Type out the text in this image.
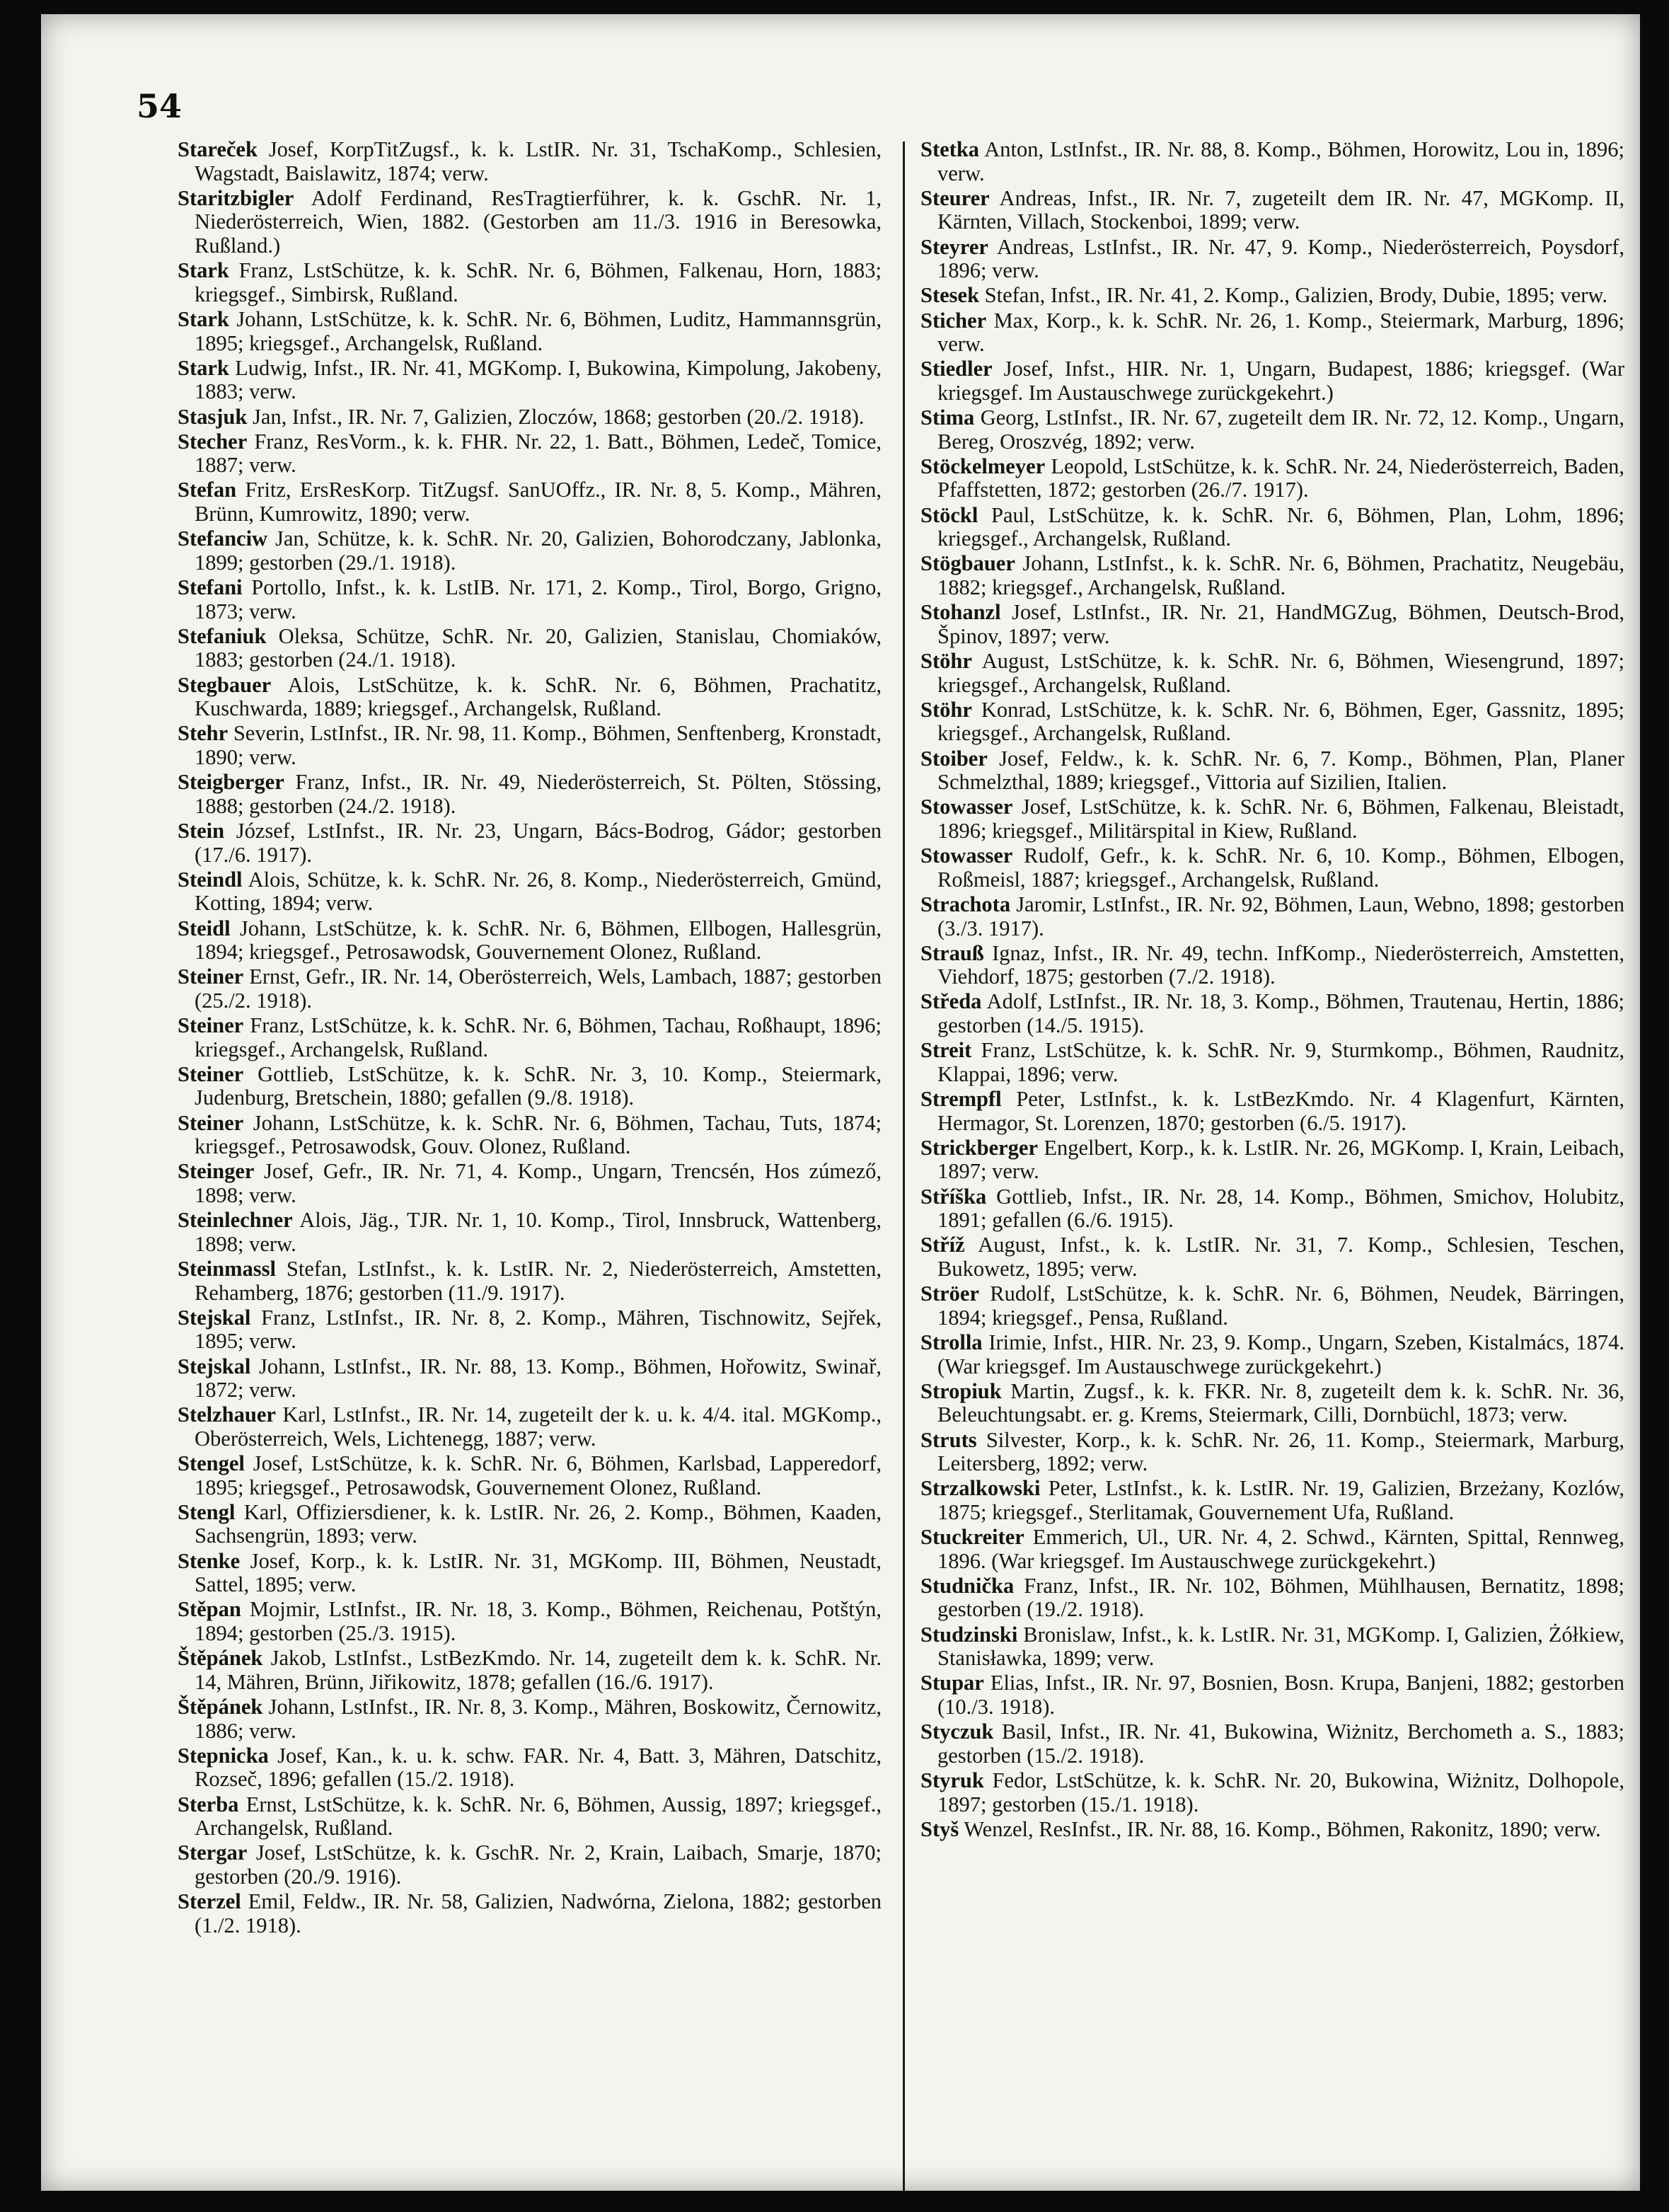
54

Stareček Josef, KorpTitZugsf., k. k. LstIR. Nr. 31, TschaKomp., Schlesien, Wagstadt, Baislawitz, 1874; verw.

Staritzbigler Adolf Ferdinand, ResTragtierführer, k. k. GschR. Nr. 1, Niederösterreich, Wien, 1882. (Gestorben am 11./3. 1916 in Beresowka, Rußland.)

Stark Franz, LstSchütze, k. k. SchR. Nr. 6, Böhmen, Falkenau, Horn, 1883; kriegsgef., Simbirsk, Rußland.

Stark Johann, LstSchütze, k. k. SchR. Nr. 6, Böhmen, Luditz, Hammannsgrün, 1895; kriegsgef., Archangelsk, Rußland.

Stark Ludwig, Infst., IR. Nr. 41, MGKomp. I, Bukowina, Kimpolung, Jakobeny, 1883; verw.

Stasjuk Jan, Infst., IR. Nr. 7, Galizien, Zloczów, 1868; gestorben (20./2. 1918).

Stecher Franz, ResVorm., k. k. FHR. Nr. 22, 1. Batt., Böhmen, Ledeč, Tomice, 1887; verw.

Stefan Fritz, ErsResKorp. TitZugsf. SanUOffz., IR. Nr. 8, 5. Komp., Mähren, Brünn, Kumrowitz, 1890; verw.

Stefanciw Jan, Schütze, k. k. SchR. Nr. 20, Galizien, Bohorodczany, Jablonka, 1899; gestorben (29./1. 1918).

Stefani Portollo, Infst., k. k. LstIB. Nr. 171, 2. Komp., Tirol, Borgo, Grigno, 1873; verw.

Stefaniuk Oleksa, Schütze, SchR. Nr. 20, Galizien, Stanislau, Chomiaków, 1883; gestorben (24./1. 1918).

Stegbauer Alois, LstSchütze, k. k. SchR. Nr. 6, Böhmen, Prachatitz, Kuschwarda, 1889; kriegsgef., Archangelsk, Rußland.

Stehr Severin, LstInfst., IR. Nr. 98, 11. Komp., Böhmen, Senftenberg, Kronstadt, 1890; verw.

Steigberger Franz, Infst., IR. Nr. 49, Niederösterreich, St. Pölten, Stössing, 1888; gestorben (24./2. 1918).

Stein József, LstInfst., IR. Nr. 23, Ungarn, Bács-Bodrog, Gádor; gestorben (17./6. 1917).

Steindl Alois, Schütze, k. k. SchR. Nr. 26, 8. Komp., Niederösterreich, Gmünd, Kotting, 1894; verw.

Steidl Johann, LstSchütze, k. k. SchR. Nr. 6, Böhmen, Ellbogen, Hallesgrün, 1894; kriegsgef., Petrosawodsk, Gouvernement Olonez, Rußland.

Steiner Ernst, Gefr., IR. Nr. 14, Oberösterreich, Wels, Lambach, 1887; gestorben (25./2. 1918).

Steiner Franz, LstSchütze, k. k. SchR. Nr. 6, Böhmen, Tachau, Roßhaupt, 1896; kriegsgef., Archangelsk, Rußland.

Steiner Gottlieb, LstSchütze, k. k. SchR. Nr. 3, 10. Komp., Steiermark, Judenburg, Bretschein, 1880; gefallen (9./8. 1918).

Steiner Johann, LstSchütze, k. k. SchR. Nr. 6, Böhmen, Tachau, Tuts, 1874; kriegsgef., Petrosawodsk, Gouv. Olonez, Rußland.

Steinger Josef, Gefr., IR. Nr. 71, 4. Komp., Ungarn, Trencsén, Hos zúmező, 1898; verw.

Steinlechner Alois, Jäg., TJR. Nr. 1, 10. Komp., Tirol, Innsbruck, Wattenberg, 1898; verw.

Steinmassl Stefan, LstInfst., k. k. LstIR. Nr. 2, Niederösterreich, Amstetten, Rehamberg, 1876; gestorben (11./9. 1917).

Stejskal Franz, LstInfst., IR. Nr. 8, 2. Komp., Mähren, Tischnowitz, Sejřek, 1895; verw.

Stejskal Johann, LstInfst., IR. Nr. 88, 13. Komp., Böhmen, Hořowitz, Swinař, 1872; verw.

Stelzhauer Karl, LstInfst., IR. Nr. 14, zugeteilt der k. u. k. 4/4. ital. MGKomp., Oberösterreich, Wels, Lichtenegg, 1887; verw.

Stengel Josef, LstSchütze, k. k. SchR. Nr. 6, Böhmen, Karlsbad, Lapperedorf, 1895; kriegsgef., Petrosawodsk, Gouvernement Olonez, Rußland.

Stengl Karl, Offiziersdiener, k. k. LstIR. Nr. 26, 2. Komp., Böhmen, Kaaden, Sachsengrün, 1893; verw.

Stenke Josef, Korp., k. k. LstIR. Nr. 31, MGKomp. III, Böhmen, Neustadt, Sattel, 1895; verw.

Stěpan Mojmir, LstInfst., IR. Nr. 18, 3. Komp., Böhmen, Reichenau, Potštýn, 1894; gestorben (25./3. 1915).

Štěpánek Jakob, LstInfst., LstBezKmdo. Nr. 14, zugeteilt dem k. k. SchR. Nr. 14, Mähren, Brünn, Jiřikowitz, 1878; gefallen (16./6. 1917).

Štěpánek Johann, LstInfst., IR. Nr. 8, 3. Komp., Mähren, Boskowitz, Černowitz, 1886; verw.

Stepnicka Josef, Kan., k. u. k. schw. FAR. Nr. 4, Batt. 3, Mähren, Datschitz, Rozseč, 1896; gefallen (15./2. 1918).

Sterba Ernst, LstSchütze, k. k. SchR. Nr. 6, Böhmen, Aussig, 1897; kriegsgef., Archangelsk, Rußland.

Stergar Josef, LstSchütze, k. k. GschR. Nr. 2, Krain, Laibach, Smarje, 1870; gestorben (20./9. 1916).

Sterzel Emil, Feldw., IR. Nr. 58, Galizien, Nadwórna, Zielona, 1882; gestorben (1./2. 1918).

Stetka Anton, LstInfst., IR. Nr. 88, 8. Komp., Böhmen, Horowitz, Lou in, 1896; verw.

Steurer Andreas, Infst., IR. Nr. 7, zugeteilt dem IR. Nr. 47, MGKomp. II, Kärnten, Villach, Stockenboi, 1899; verw.

Steyrer Andreas, LstInfst., IR. Nr. 47, 9. Komp., Niederösterreich, Poysdorf, 1896; verw.

Stesek Stefan, Infst., IR. Nr. 41, 2. Komp., Galizien, Brody, Dubie, 1895; verw.

Sticher Max, Korp., k. k. SchR. Nr. 26, 1. Komp., Steiermark, Marburg, 1896; verw.

Stiedler Josef, Infst., HIR. Nr. 1, Ungarn, Budapest, 1886; kriegsgef. (War kriegsgef. Im Austauschwege zurückgekehrt.)

Stima Georg, LstInfst., IR. Nr. 67, zugeteilt dem IR. Nr. 72, 12. Komp., Ungarn, Bereg, Oroszvég, 1892; verw.

Stöckelmeyer Leopold, LstSchütze, k. k. SchR. Nr. 24, Niederösterreich, Baden, Pfaffstetten, 1872; gestorben (26./7. 1917).

Stöckl Paul, LstSchütze, k. k. SchR. Nr. 6, Böhmen, Plan, Lohm, 1896; kriegsgef., Archangelsk, Rußland.

Stögbauer Johann, LstInfst., k. k. SchR. Nr. 6, Böhmen, Prachatitz, Neugebäu, 1882; kriegsgef., Archangelsk, Rußland.

Stohanzl Josef, LstInfst., IR. Nr. 21, HandMGZug, Böhmen, Deutsch-Brod, Špinov, 1897; verw.

Stöhr August, LstSchütze, k. k. SchR. Nr. 6, Böhmen, Wiesengrund, 1897; kriegsgef., Archangelsk, Rußland.

Stöhr Konrad, LstSchütze, k. k. SchR. Nr. 6, Böhmen, Eger, Gassnitz, 1895; kriegsgef., Archangelsk, Rußland.

Stoiber Josef, Feldw., k. k. SchR. Nr. 6, 7. Komp., Böhmen, Plan, Planer Schmelzthal, 1889; kriegsgef., Vittoria auf Sizilien, Italien.

Stowasser Josef, LstSchütze, k. k. SchR. Nr. 6, Böhmen, Falkenau, Bleistadt, 1896; kriegsgef., Militärspital in Kiew, Rußland.

Stowasser Rudolf, Gefr., k. k. SchR. Nr. 6, 10. Komp., Böhmen, Elbogen, Roßmeisl, 1887; kriegsgef., Archangelsk, Rußland.

Strachota Jaromir, LstInfst., IR. Nr. 92, Böhmen, Laun, Webno, 1898; gestorben (3./3. 1917).

Strauß Ignaz, Infst., IR. Nr. 49, techn. InfKomp., Niederösterreich, Amstetten, Viehdorf, 1875; gestorben (7./2. 1918).

Středa Adolf, LstInfst., IR. Nr. 18, 3. Komp., Böhmen, Trautenau, Hertin, 1886; gestorben (14./5. 1915).

Streit Franz, LstSchütze, k. k. SchR. Nr. 9, Sturmkomp., Böhmen, Raudnitz, Klappai, 1896; verw.

Strempfl Peter, LstInfst., k. k. LstBezKmdo. Nr. 4 Klagenfurt, Kärnten, Hermagor, St. Lorenzen, 1870; gestorben (6./5. 1917).

Strickberger Engelbert, Korp., k. k. LstIR. Nr. 26, MGKomp. I, Krain, Leibach, 1897; verw.

Stříška Gottlieb, Infst., IR. Nr. 28, 14. Komp., Böhmen, Smichov, Holubitz, 1891; gefallen (6./6. 1915).

Stříž August, Infst., k. k. LstIR. Nr. 31, 7. Komp., Schlesien, Teschen, Bukowetz, 1895; verw.

Ströer Rudolf, LstSchütze, k. k. SchR. Nr. 6, Böhmen, Neudek, Bärringen, 1894; kriegsgef., Pensa, Rußland.

Strolla Irimie, Infst., HIR. Nr. 23, 9. Komp., Ungarn, Szeben, Kistalmács, 1874. (War kriegsgef. Im Austauschwege zurückgekehrt.)

Stropiuk Martin, Zugsf., k. k. FKR. Nr. 8, zugeteilt dem k. k. SchR. Nr. 36, Beleuchtungsabt. er. g. Krems, Steiermark, Cilli, Dornbüchl, 1873; verw.

Struts Silvester, Korp., k. k. SchR. Nr. 26, 11. Komp., Steiermark, Marburg, Leitersberg, 1892; verw.

Strzalkowski Peter, LstInfst., k. k. LstIR. Nr. 19, Galizien, Brzeżany, Kozlów, 1875; kriegsgef., Sterlitamak, Gouvernement Ufa, Rußland.

Stuckreiter Emmerich, Ul., UR. Nr. 4, 2. Schwd., Kärnten, Spittal, Rennweg, 1896. (War kriegsgef. Im Austauschwege zurückgekehrt.)

Studnička Franz, Infst., IR. Nr. 102, Böhmen, Mühlhausen, Bernatitz, 1898; gestorben (19./2. 1918).

Studzinski Bronislaw, Infst., k. k. LstIR. Nr. 31, MGKomp. I, Galizien, Żółkiew, Stanisławka, 1899; verw.

Stupar Elias, Infst., IR. Nr. 97, Bosnien, Bosn. Krupa, Banjeni, 1882; gestorben (10./3. 1918).

Styczuk Basil, Infst., IR. Nr. 41, Bukowina, Wiżnitz, Berchometh a. S., 1883; gestorben (15./2. 1918).

Styruk Fedor, LstSchütze, k. k. SchR. Nr. 20, Bukowina, Wiżnitz, Dolhopole, 1897; gestorben (15./1. 1918).

Styš Wenzel, ResInfst., IR. Nr. 88, 16. Komp., Böhmen, Rakonitz, 1890; verw.
